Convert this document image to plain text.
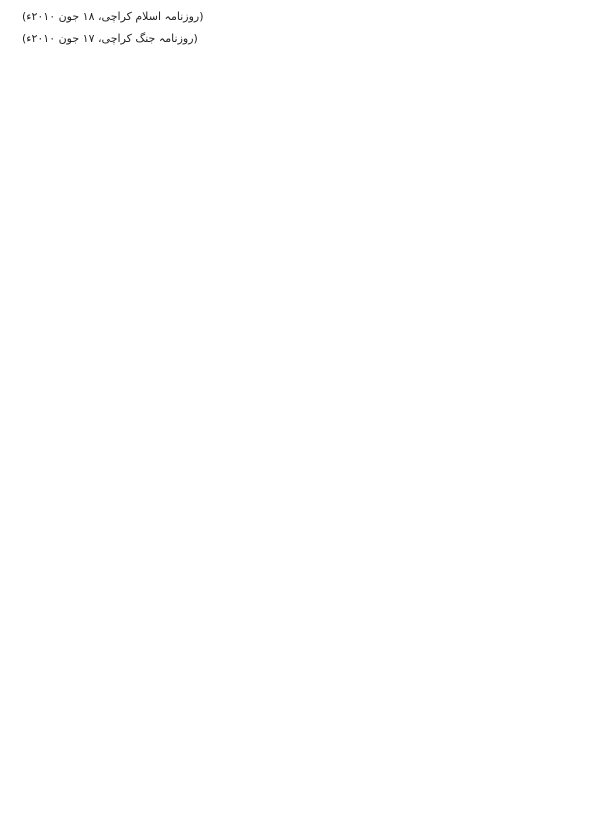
(روزنامہ اسلام کراچی، ۱۸ جون ۲۰۱۰ء)

(روزنامہ جنگ کراچی، ۱۷ جون ۲۰۱۰ء)
